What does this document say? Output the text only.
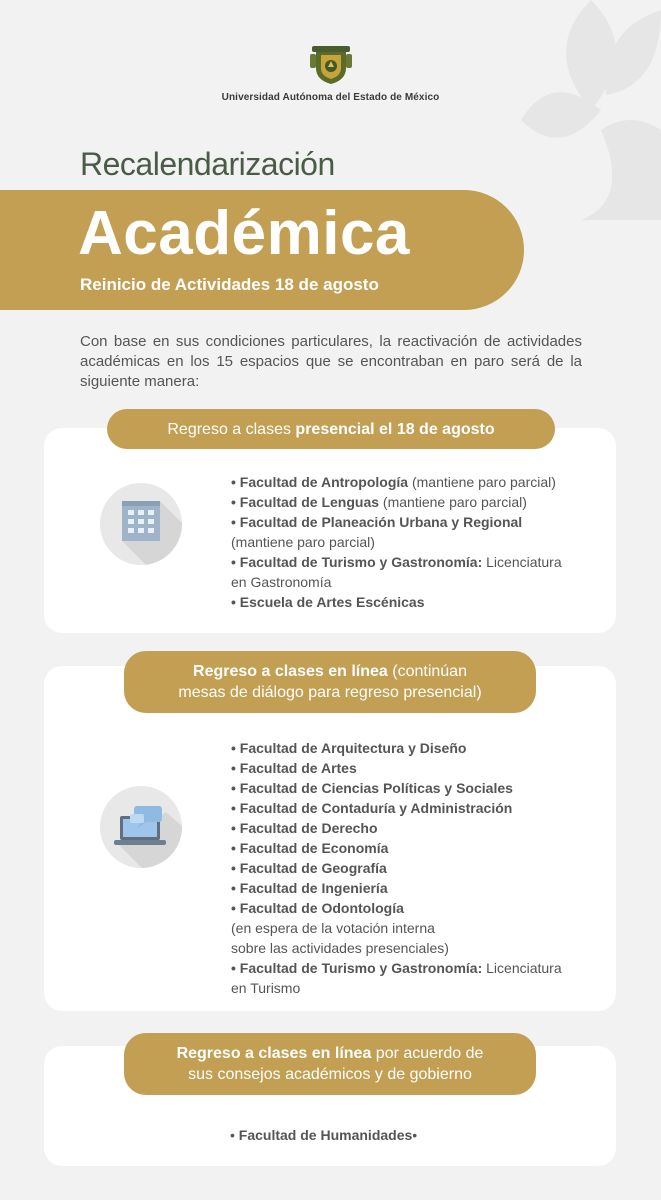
Universidad Autónoma del Estado de México
Recalendarización
Académica
Reinicio de Actividades 18 de agosto
Con base en sus condiciones particulares, la reactivación de actividades académicas en los 15 espacios que se encontraban en paro será de la siguiente manera:
• Facultad de Antropología (mantiene paro parcial)
• Facultad de Lenguas (mantiene paro parcial)
• Facultad de Planeación Urbana y Regional
(mantiene paro parcial)
• Facultad de Turismo y Gastronomía: Licenciatura
en Gastronomía
• Escuela de Artes Escénicas
Regreso a clases presencial el 18 de agosto
• Facultad de Arquitectura y Diseño
• Facultad de Artes
• Facultad de Ciencias Políticas y Sociales
• Facultad de Contaduría y Administración
• Facultad de Derecho
• Facultad de Economía
• Facultad de Geografía
• Facultad de Ingeniería
• Facultad de Odontología
(en espera de la votación interna
sobre las actividades presenciales)
• Facultad de Turismo y Gastronomía: Licenciatura
en Turismo
Regreso a clases en línea (continúan
mesas de diálogo para regreso presencial)
• Facultad de Humanidades•
Regreso a clases en línea por acuerdo de
sus consejos académicos y de gobierno
